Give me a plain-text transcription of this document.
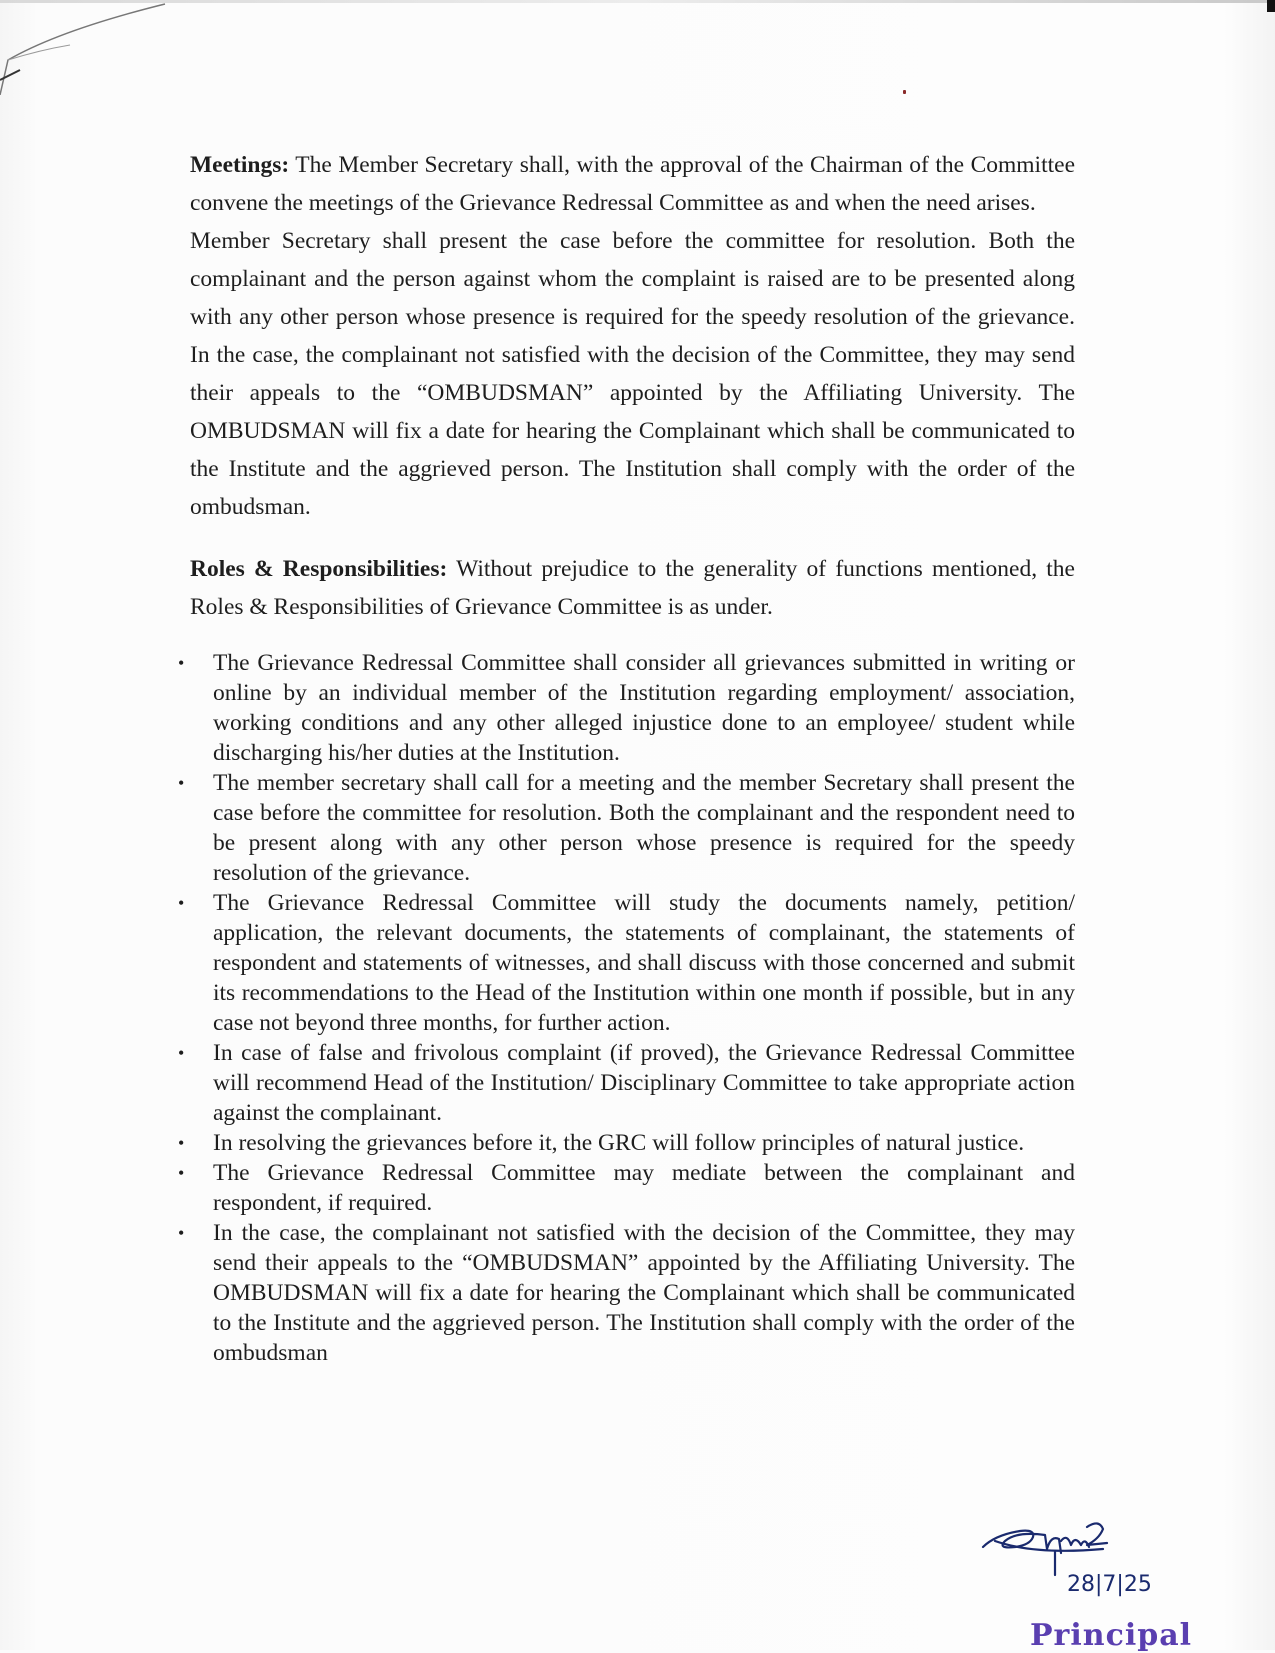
Meetings: The Member Secretary shall, with the approval of the Chairman of the Committee convene the meetings of the Grievance Redressal Committee as and when the need arises.

Member Secretary shall present the case before the committee for resolution. Both the complainant and the person against whom the complaint is raised are to be presented along with any other person whose presence is required for the speedy resolution of the grievance. In the case, the complainant not satisfied with the decision of the Committee, they may send their appeals to the “OMBUDSMAN” appointed by the Affiliating University. The OMBUDSMAN will fix a date for hearing the Complainant which shall be communicated to the Institute and the aggrieved person. The Institution shall comply with the order of the ombudsman.

Roles & Responsibilities: Without prejudice to the generality of functions mentioned, the Roles & Responsibilities of Grievance Committee is as under.

• The Grievance Redressal Committee shall consider all grievances submitted in writing or online by an individual member of the Institution regarding employment/ association, working conditions and any other alleged injustice done to an employee/ student while discharging his/her duties at the Institution.
• The member secretary shall call for a meeting and the member Secretary shall present the case before the committee for resolution. Both the complainant and the respondent need to be present along with any other person whose presence is required for the speedy resolution of the grievance.
• The Grievance Redressal Committee will study the documents namely, petition/ application, the relevant documents, the statements of complainant, the statements of respondent and statements of witnesses, and shall discuss with those concerned and submit its recommendations to the Head of the Institution within one month if possible, but in any case not beyond three months, for further action.
• In case of false and frivolous complaint (if proved), the Grievance Redressal Committee will recommend Head of the Institution/ Disciplinary Committee to take appropriate action against the complainant.
• In resolving the grievances before it, the GRC will follow principles of natural justice.
• The Grievance Redressal Committee may mediate between the complainant and respondent, if required.
• In the case, the complainant not satisfied with the decision of the Committee, they may send their appeals to the “OMBUDSMAN” appointed by the Affiliating University. The OMBUDSMAN will fix a date for hearing the Complainant which shall be communicated to the Institute and the aggrieved person. The Institution shall comply with the order of the ombudsman
28|7|25
Principal
